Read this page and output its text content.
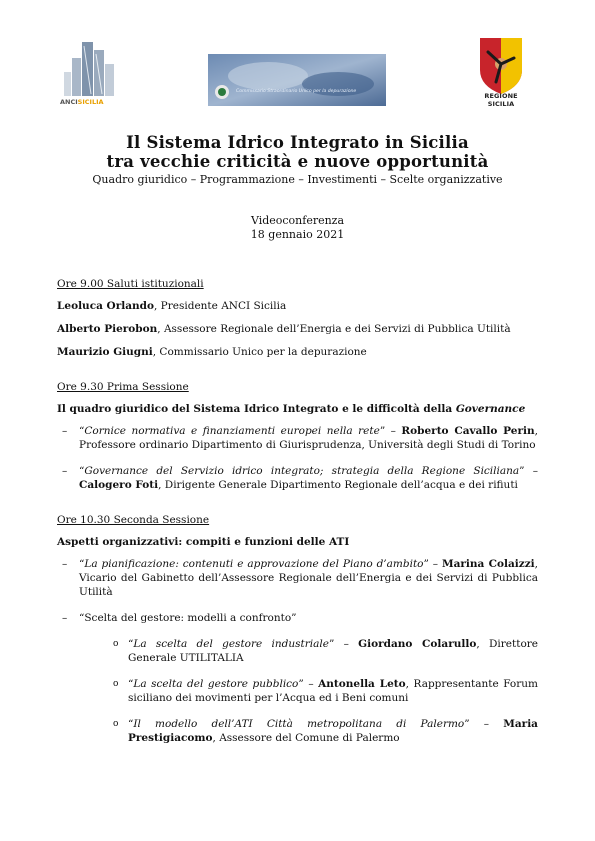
ANCISICILIA
Commissario Straordinario Unico per la depurazione
REGIONE SICILIA
Il Sistema Idrico Integrato in Sicilia
tra vecchie criticità e nuove opportunità
Quadro giuridico – Programmazione – Investimenti – Scelte organizzative
Videoconferenza
18 gennaio 2021

Ore 9.00 Saluti istituzionali

Leoluca Orlando, Presidente ANCI Sicilia

Alberto Pierobon, Assessore Regionale dell’Energia e dei Servizi di Pubblica Utilità

Maurizio Giugni, Commissario Unico per la depurazione

Ore 9.30 Prima Sessione

Il quadro giuridico del Sistema Idrico Integrato e le difficoltà della Governance

– “Cornice normativa e finanziamenti europei nella rete” – Roberto Cavallo Perin, Professore ordinario Dipartimento di Giurisprudenza, Università degli Studi di Torino
– “Governance del Servizio idrico integrato; strategia della Regione Siciliana” – Calogero Foti, Dirigente Generale Dipartimento Regionale dell’acqua e dei rifiuti

Ore 10.30 Seconda Sessione

Aspetti organizzativi: compiti e funzioni delle ATI

– “La pianificazione: contenuti e approvazione del Piano d’ambito” – Marina Colaizzi, Vicario del Gabinetto dell’Assessore Regionale dell’Energia e dei Servizi di Pubblica Utilità
– “Scelta del gestore: modelli a confronto”
o “La scelta del gestore industriale” – Giordano Colarullo, Direttore Generale UTILITALIA
o “La scelta del gestore pubblico” – Antonella Leto, Rappresentante Forum siciliano dei movimenti per l’Acqua ed i Beni comuni
o “Il modello dell’ATI Città metropolitana di Palermo” – Maria Prestigiacomo, Assessore del Comune di Palermo
